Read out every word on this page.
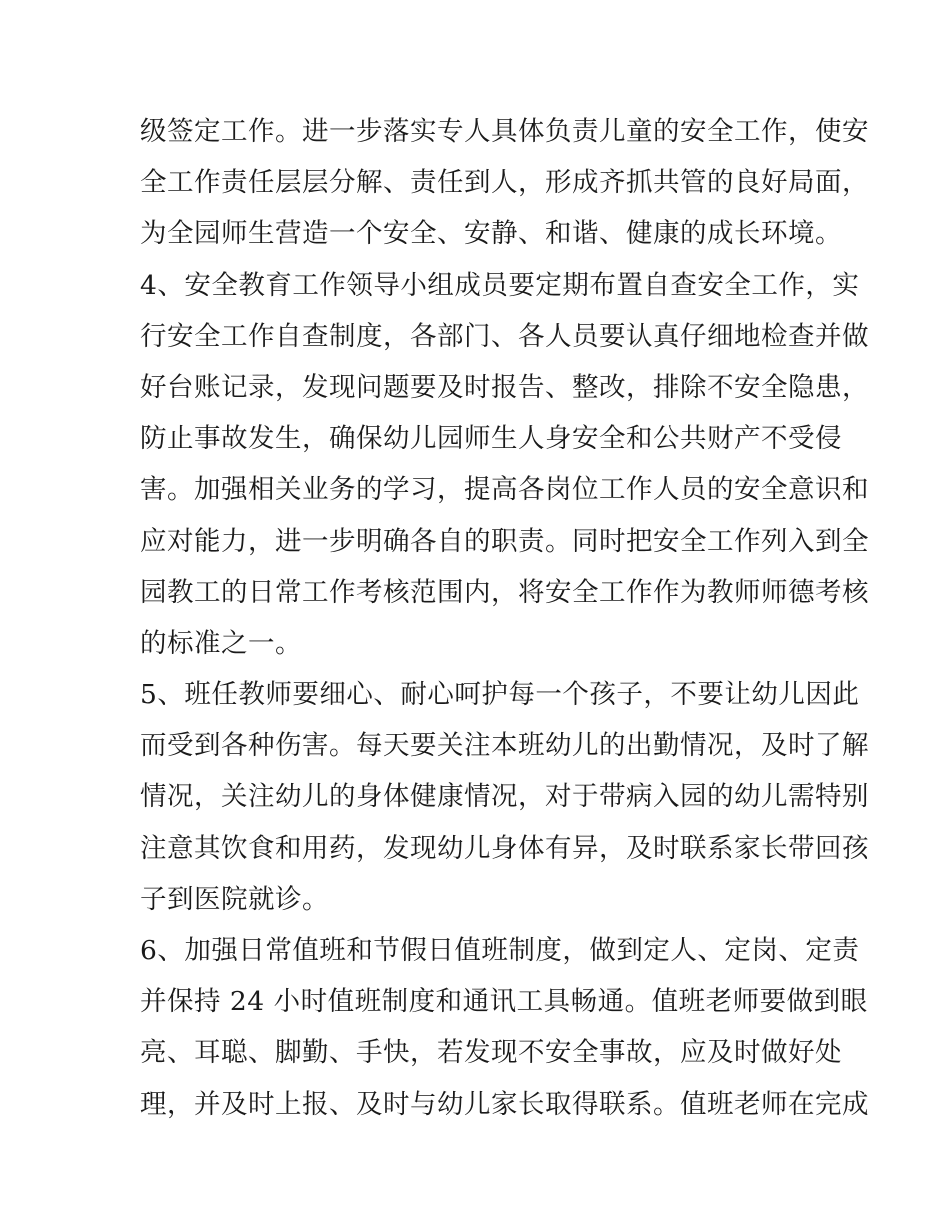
级签定工作。进一步落实专人具体负责儿童的安全工作，使安
全工作责任层层分解、责任到人，形成齐抓共管的良好局面，
为全园师生营造一个安全、安静、和谐、健康的成长环境。
4、安全教育工作领导小组成员要定期布置自查安全工作，实
行安全工作自查制度，各部门、各人员要认真仔细地检查并做
好台账记录，发现问题要及时报告、整改，排除不安全隐患，
防止事故发生，确保幼儿园师生人身安全和公共财产不受侵
害。加强相关业务的学习，提高各岗位工作人员的安全意识和
应对能力，进一步明确各自的职责。同时把安全工作列入到全
园教工的日常工作考核范围内，将安全工作作为教师师德考核
的标准之一。
5、班任教师要细心、耐心呵护每一个孩子，不要让幼儿因此
而受到各种伤害。每天要关注本班幼儿的出勤情况，及时了解
情况，关注幼儿的身体健康情况，对于带病入园的幼儿需特别
注意其饮食和用药，发现幼儿身体有异，及时联系家长带回孩
子到医院就诊。
6、加强日常值班和节假日值班制度，做到定人、定岗、定责
并保持 24 小时值班制度和通讯工具畅通。值班老师要做到眼
亮、耳聪、脚勤、手快，若发现不安全事故，应及时做好处
理，并及时上报、及时与幼儿家长取得联系。值班老师在完成
